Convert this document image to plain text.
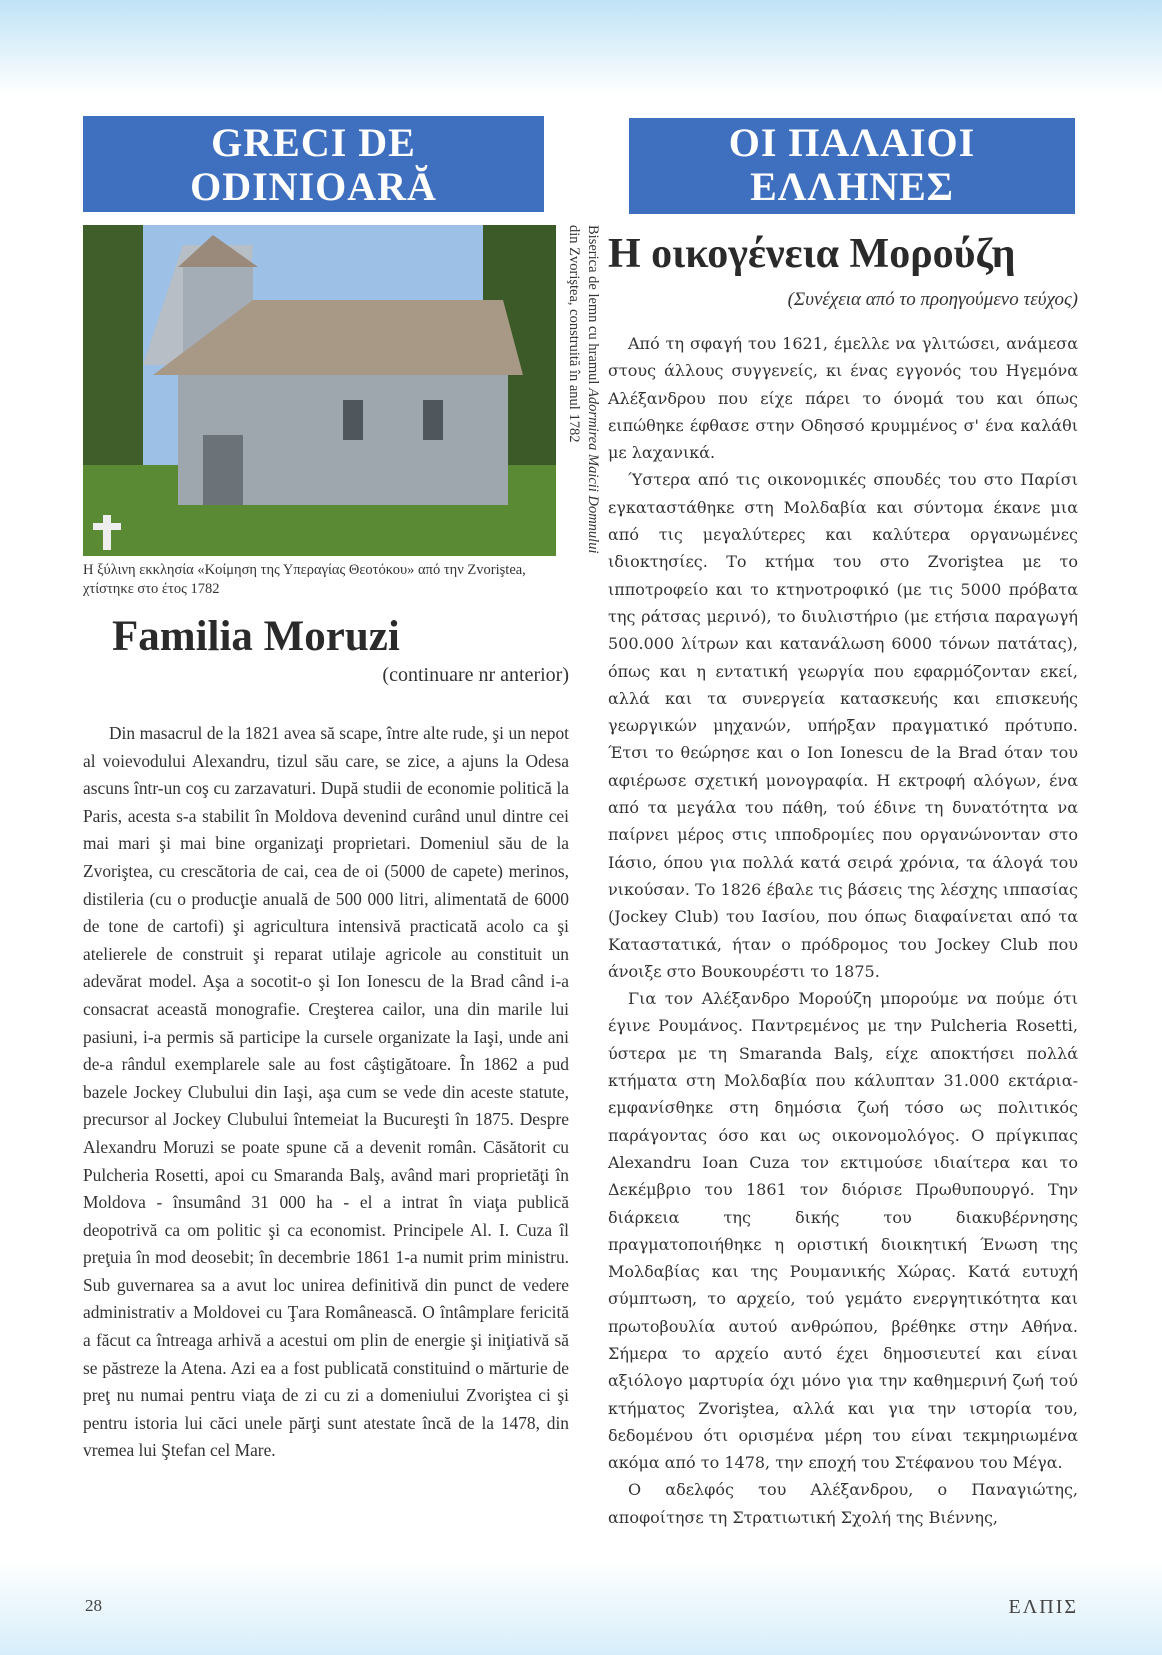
GRECI DE
ODINIOARĂ
ΟΙ ΠΑΛΑΙΟΙ
ΕΛΛΗΝΕΣ
Biserica de lemn cu hramul Adormirea Maicii Domnului din Zvoriştea, construită în anul 1782
Η ξύλινη εκκλησία «Κοίμηση της Υπεραγίας Θεοτόκου» από την Zvoriştea, χτίστηκε στο έτος 1782
Familia Moruzi
(continuare nr anterior)

Din masacrul de la 1821 avea să scape, între alte rude, şi un nepot al voievodului Alexandru, tizul său care, se zice, a ajuns la Odesa ascuns într-un coş cu zarzavaturi. După studii de economie politică la Paris, acesta s-a stabilit în Moldova devenind curând unul dintre cei mai mari şi mai bine organizaţi proprietari. Domeniul său de la Zvoriştea, cu crescătoria de cai, cea de oi (5000 de capete) merinos, distileria (cu o producţie anuală de 500 000 litri, alimentată de 6000 de tone de cartofi) şi agricultura intensivă practicată acolo ca şi atelierele de construit şi reparat utilaje agricole au constituit un adevărat model. Aşa a socotit-o şi Ion Ionescu de la Brad când i-a consacrat această monografie. Creşterea cailor, una din marile lui pasiuni, i-a permis să participe la cursele organizate la Iaşi, unde ani de-a rândul exemplarele sale au fost câştigătoare. În 1862 a pud bazele Jockey Clubului din Iaşi, aşa cum se vede din aceste statute, precursor al Jockey Clubului întemeiat la Bucureşti în 1875. Despre Alexandru Moruzi se poate spune că a devenit român. Căsătorit cu Pulcheria Rosetti, apoi cu Smaranda Balş, având mari proprietăţi în Moldova - însumând 31 000 ha - el a intrat în viaţa publică deopotrivă ca om politic şi ca economist. Principele Al. I. Cuza îl preţuia în mod deosebit; în decembrie 1861 1-a numit prim ministru. Sub guvernarea sa a avut loc unirea definitivă din punct de vedere administrativ a Moldovei cu Ţara Românească. O întâmplare fericită a făcut ca întreaga arhivă a acestui om plin de energie şi iniţiativă să se păstreze la Atena. Azi ea a fost publicată constituind o mărturie de preţ nu numai pentru viaţa de zi cu zi a domeniului Zvoriştea ci şi pentru istoria lui căci unele părţi sunt atestate încă de la 1478, din vremea lui Ştefan cel Mare.

Η οικογένεια Μορούζη
(Συνέχεια από το προηγούμενο τεύχος)

Από τη σφαγή του 1621, έμελλε να γλιτώσει, ανάμεσα στους άλλους συγγενείς, κι ένας εγγονός του Ηγεμόνα Αλέξανδρου που είχε πάρει το όνομά του και όπως ειπώθηκε έφθασε στην Οδησσό κρυμμένος σ' ένα καλάθι με λαχανικά.

Ύστερα από τις οικονομικές σπουδές του στο Παρίσι εγκαταστάθηκε στη Μολδαβία και σύντομα έκανε μια από τις μεγαλύτερες και καλύτερα οργανωμένες ιδιοκτησίες. Το κτήμα του στο Zvoriştea με το ιπποτροφείο και το κτηνοτροφικό (με τις 5000 πρόβατα της ράτσας μερινό), το διυλιστήριο (με ετήσια παραγωγή 500.000 λίτρων και κατανάλωση 6000 τόνων πατάτας), όπως και η εντατική γεωργία που εφαρμόζονταν εκεί, αλλά και τα συνεργεία κατασκευής και επισκευής γεωργικών μηχανών, υπήρξαν πραγματικό πρότυπο. Έτσι το θεώρησε και ο Ion Ionescu de la Brad όταν του αφιέρωσε σχετική μονογραφία. Η εκτροφή αλόγων, ένα από τα μεγάλα του πάθη, τού έδινε τη δυνατότητα να παίρνει μέρος στις ιπποδρομίες που οργανώνονταν στο Ιάσιο, όπου για πολλά κατά σειρά χρόνια, τα άλογά του νικούσαν. Το 1826 έβαλε τις βάσεις της λέσχης ιππασίας (Jockey Club) του Ιασίου, που όπως διαφαίνεται από τα Καταστατικά, ήταν ο πρόδρομος του Jockey Club που άνοιξε στο Βουκουρέστι το 1875.

Για τον Αλέξανδρο Μορούζη μπορούμε να πούμε ότι έγινε Ρουμάνος. Παντρεμένος με την Pulcheria Rosetti, ύστερα με τη Smaranda Balş, είχε αποκτήσει πολλά κτήματα στη Μολδαβία που κάλυπταν 31.000 εκτάρια- εμφανίσθηκε στη δημόσια ζωή τόσο ως πολιτικός παράγοντας όσο και ως οικονομολόγος. Ο πρίγκιπας Alexandru Ioan Cuza τον εκτιμούσε ιδιαίτερα και το Δεκέμβριο του 1861 τον διόρισε Πρωθυπουργό. Την διάρκεια της δικής του διακυβέρνησης πραγματοποιήθηκε η οριστική διοικητική Ένωση της Μολδαβίας και της Ρουμανικής Χώρας. Κατά ευτυχή σύμπτωση, το αρχείο, τού γεμάτο ενεργητικότητα και πρωτοβουλία αυτού ανθρώπου, βρέθηκε στην Αθήνα. Σήμερα το αρχείο αυτό έχει δημοσιευτεί και είναι αξιόλογο μαρτυρία όχι μόνο για την καθημερινή ζωή τού κτήματος Zvoriştea, αλλά και για την ιστορία του, δεδομένου ότι ορισμένα μέρη του είναι τεκμηριωμένα ακόμα από το 1478, την εποχή του Στέφανου του Μέγα.

Ο αδελφός του Αλέξανδρου, ο Παναγιώτης, αποφοίτησε τη Στρατιωτική Σχολή της Βιέννης,

28	ΕΛΠΙΣ
